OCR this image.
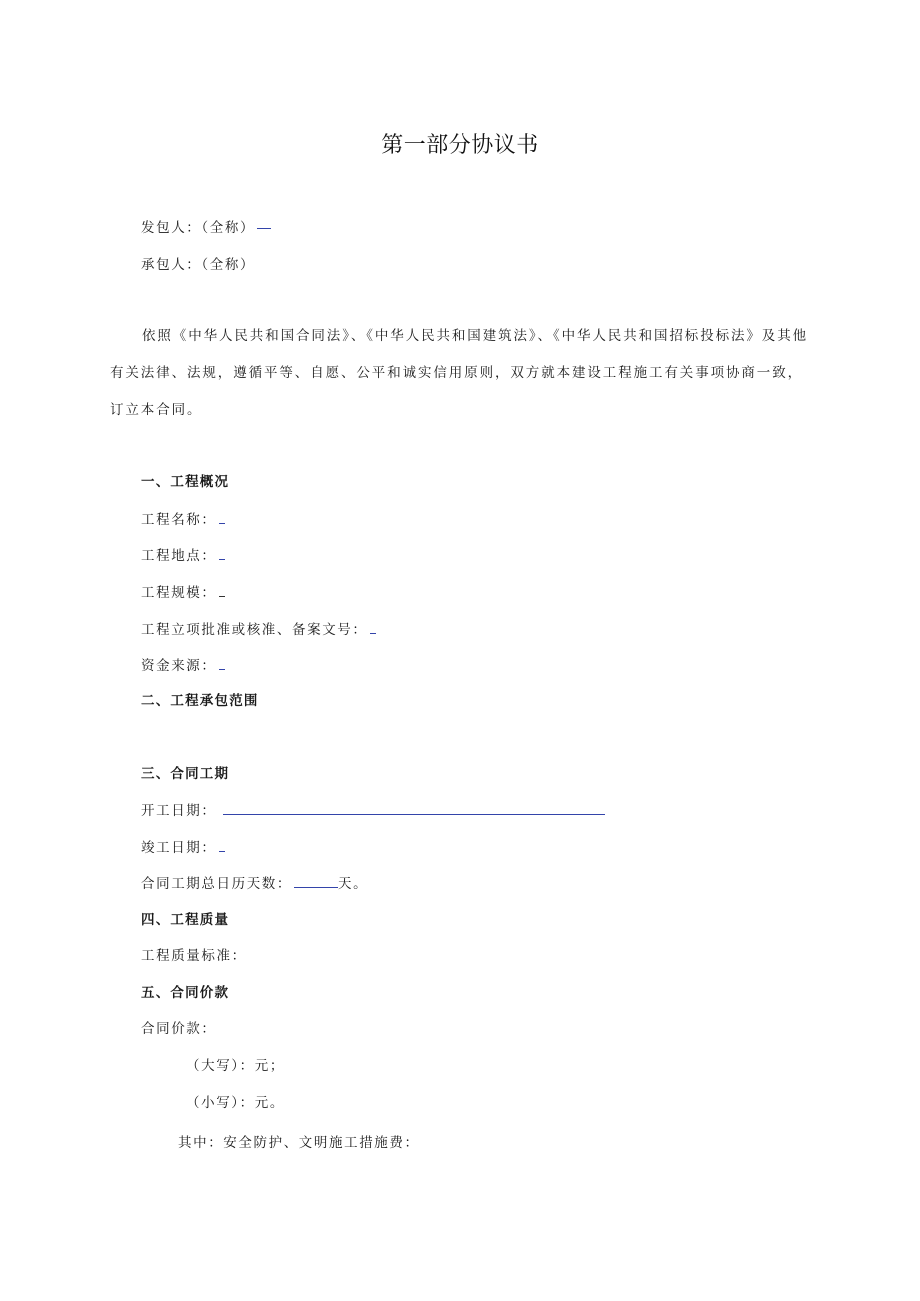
第一部分协议书
发包人：（全称）
承包人：（全称）
依照《中华人民共和国合同法》、《中华人民共和国建筑法》、《中华人民共和国招标投标法》及其他有关法律、法规，遵循平等、自愿、公平和诚实信用原则，双方就本建设工程施工有关事项协商一致，订立本合同。
一、工程概况
工程名称：
工程地点：
工程规模：
工程立项批准或核准、备案文号：
资金来源：
二、工程承包范围
三、合同工期
开工日期：
竣工日期：
合同工期总日历天数：	天。
四、工程质量
工程质量标准：
五、合同价款
合同价款：
（大写）：元；
（小写）：元。
其中：安全防护、文明施工措施费：
